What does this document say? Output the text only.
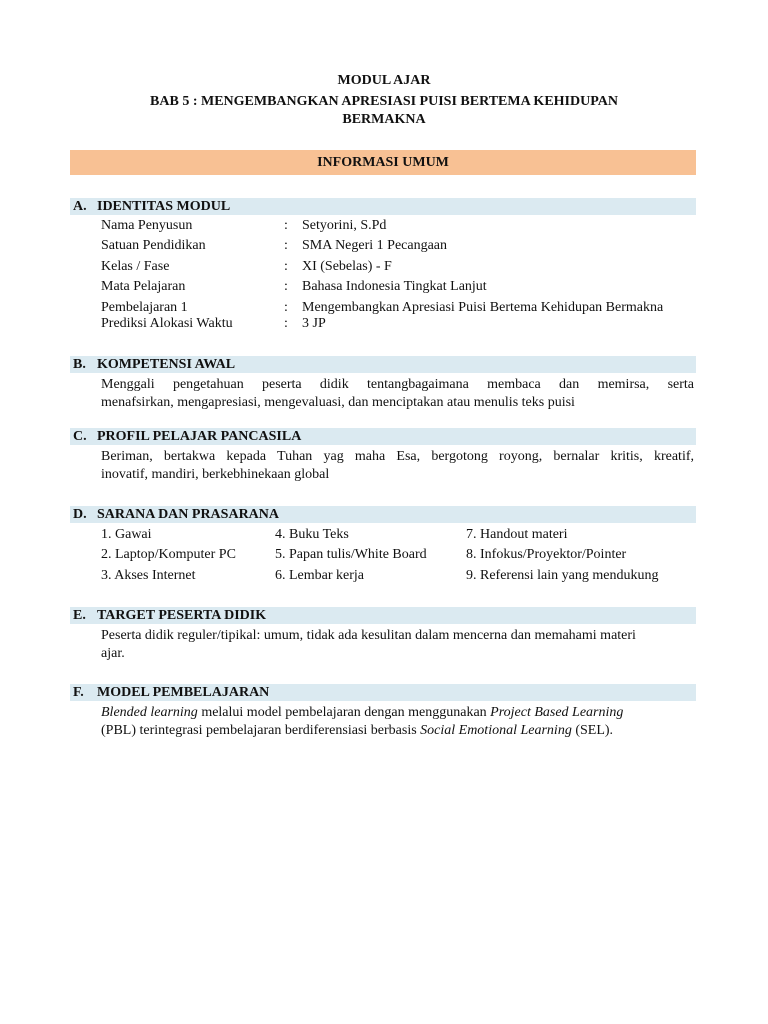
MODUL AJAR
BAB 5 : MENGEMBANGKAN APRESIASI PUISI BERTEMA KEHIDUPAN
BERMAKNA
INFORMASI UMUM
A. IDENTITAS MODUL
Nama Penyusun	: Setyorini, S.Pd
Satuan Pendidikan	: SMA Negeri 1 Pecangaan
Kelas / Fase	: XI (Sebelas) - F
Mata Pelajaran	: Bahasa Indonesia Tingkat Lanjut
Pembelajaran 1	: Mengembangkan Apresiasi Puisi Bertema Kehidupan Bermakna
Prediksi Alokasi Waktu	: 3 JP
B. KOMPETENSI AWAL
Menggali pengetahuan peserta didik tentangbagaimana membaca dan memirsa, serta
menafsirkan, mengapresiasi, mengevaluasi, dan menciptakan atau menulis teks puisi
C. PROFIL PELAJAR PANCASILA
Beriman, bertakwa kepada Tuhan yag maha Esa, bergotong royong, bernalar kritis, kreatif,
inovatif, mandiri, berkebhinekaan global
D. SARANA DAN PRASARANA
1. Gawai	4. Buku Teks	7. Handout materi
2. Laptop/Komputer PC	5. Papan tulis/White Board	8. Infokus/Proyektor/Pointer
3. Akses Internet	6. Lembar kerja	9. Referensi lain yang mendukung
E. TARGET PESERTA DIDIK
Peserta didik reguler/tipikal: umum, tidak ada kesulitan dalam mencerna dan memahami materi
ajar.
F. MODEL PEMBELAJARAN
Blended learning melalui model pembelajaran dengan menggunakan Project Based Learning
(PBL) terintegrasi pembelajaran berdiferensiasi berbasis Social Emotional Learning (SEL).
